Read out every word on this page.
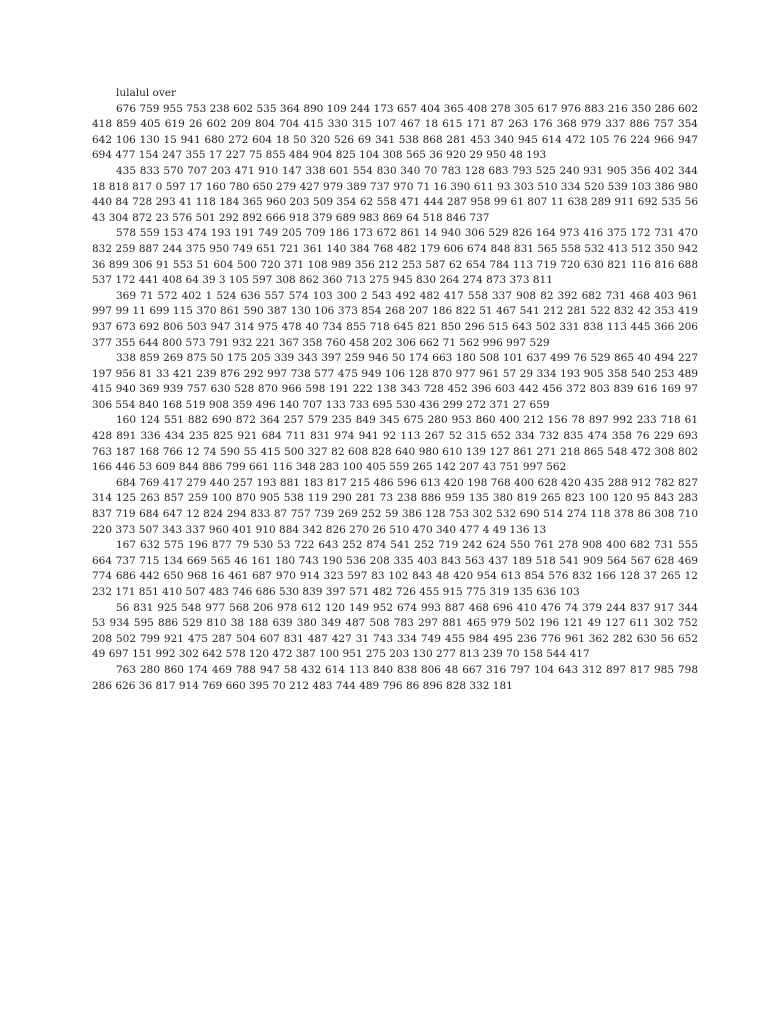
lulalul over

676 759 955 753 238 602 535 364 890 109 244 173 657 404 365 408 278 305 617 976 883 216 350 286 602 418 859 405 619 26 602 209 804 704 415 330 315 107 467 18 615 171 87 263 176 368 979 337 886 757 354 642 106 130 15 941 680 272 604 18 50 320 526 69 341 538 868 281 453 340 945 614 472 105 76 224 966 947 694 477 154 247 355 17 227 75 855 484 904 825 104 308 565 36 920 29 950 48 193

435 833 570 707 203 471 910 147 338 601 554 830 340 70 783 128 683 793 525 240 931 905 356 402 344 18 818 817 0 597 17 160 780 650 279 427 979 389 737 970 71 16 390 611 93 303 510 334 520 539 103 386 980 440 84 728 293 41 118 184 365 960 203 509 354 62 558 471 444 287 958 99 61 807 11 638 289 911 692 535 56 43 304 872 23 576 501 292 892 666 918 379 689 983 869 64 518 846 737

578 559 153 474 193 191 749 205 709 186 173 672 861 14 940 306 529 826 164 973 416 375 172 731 470 832 259 887 244 375 950 749 651 721 361 140 384 768 482 179 606 674 848 831 565 558 532 413 512 350 942 36 899 306 91 553 51 604 500 720 371 108 989 356 212 253 587 62 654 784 113 719 720 630 821 116 816 688 537 172 441 408 64 39 3 105 597 308 862 360 713 275 945 830 264 274 873 373 811

369 71 572 402 1 524 636 557 574 103 300 2 543 492 482 417 558 337 908 82 392 682 731 468 403 961 997 99 11 699 115 370 861 590 387 130 106 373 854 268 207 186 822 51 467 541 212 281 522 832 42 353 419 937 673 692 806 503 947 314 975 478 40 734 855 718 645 821 850 296 515 643 502 331 838 113 445 366 206 377 355 644 800 573 791 932 221 367 358 760 458 202 306 662 71 562 996 997 529

338 859 269 875 50 175 205 339 343 397 259 946 50 174 663 180 508 101 637 499 76 529 865 40 494 227 197 956 81 33 421 239 876 292 997 738 577 475 949 106 128 870 977 961 57 29 334 193 905 358 540 253 489 415 940 369 939 757 630 528 870 966 598 191 222 138 343 728 452 396 603 442 456 372 803 839 616 169 97 306 554 840 168 519 908 359 496 140 707 133 733 695 530 436 299 272 371 27 659

160 124 551 882 690 872 364 257 579 235 849 345 675 280 953 860 400 212 156 78 897 992 233 718 61 428 891 336 434 235 825 921 684 711 831 974 941 92 113 267 52 315 652 334 732 835 474 358 76 229 693 763 187 168 766 12 74 590 55 415 500 327 82 608 828 640 980 610 139 127 861 271 218 865 548 472 308 802 166 446 53 609 844 886 799 661 116 348 283 100 405 559 265 142 207 43 751 997 562

684 769 417 279 440 257 193 881 183 817 215 486 596 613 420 198 768 400 628 420 435 288 912 782 827 314 125 263 857 259 100 870 905 538 119 290 281 73 238 886 959 135 380 819 265 823 100 120 95 843 283 837 719 684 647 12 824 294 833 87 757 739 269 252 59 386 128 753 302 532 690 514 274 118 378 86 308 710 220 373 507 343 337 960 401 910 884 342 826 270 26 510 470 340 477 4 49 136 13

167 632 575 196 877 79 530 53 722 643 252 874 541 252 719 242 624 550 761 278 908 400 682 731 555 664 737 715 134 669 565 46 161 180 743 190 536 208 335 403 843 563 437 189 518 541 909 564 567 628 469 774 686 442 650 968 16 461 687 970 914 323 597 83 102 843 48 420 954 613 854 576 832 166 128 37 265 12 232 171 851 410 507 483 746 686 530 839 397 571 482 726 455 915 775 319 135 636 103

56 831 925 548 977 568 206 978 612 120 149 952 674 993 887 468 696 410 476 74 379 244 837 917 344 53 934 595 886 529 810 38 188 639 380 349 487 508 783 297 881 465 979 502 196 121 49 127 611 302 752 208 502 799 921 475 287 504 607 831 487 427 31 743 334 749 455 984 495 236 776 961 362 282 630 56 652 49 697 151 992 302 642 578 120 472 387 100 951 275 203 130 277 813 239 70 158 544 417

763 280 860 174 469 788 947 58 432 614 113 840 838 806 48 667 316 797 104 643 312 897 817 985 798 286 626 36 817 914 769 660 395 70 212 483 744 489 796 86 896 828 332 181
